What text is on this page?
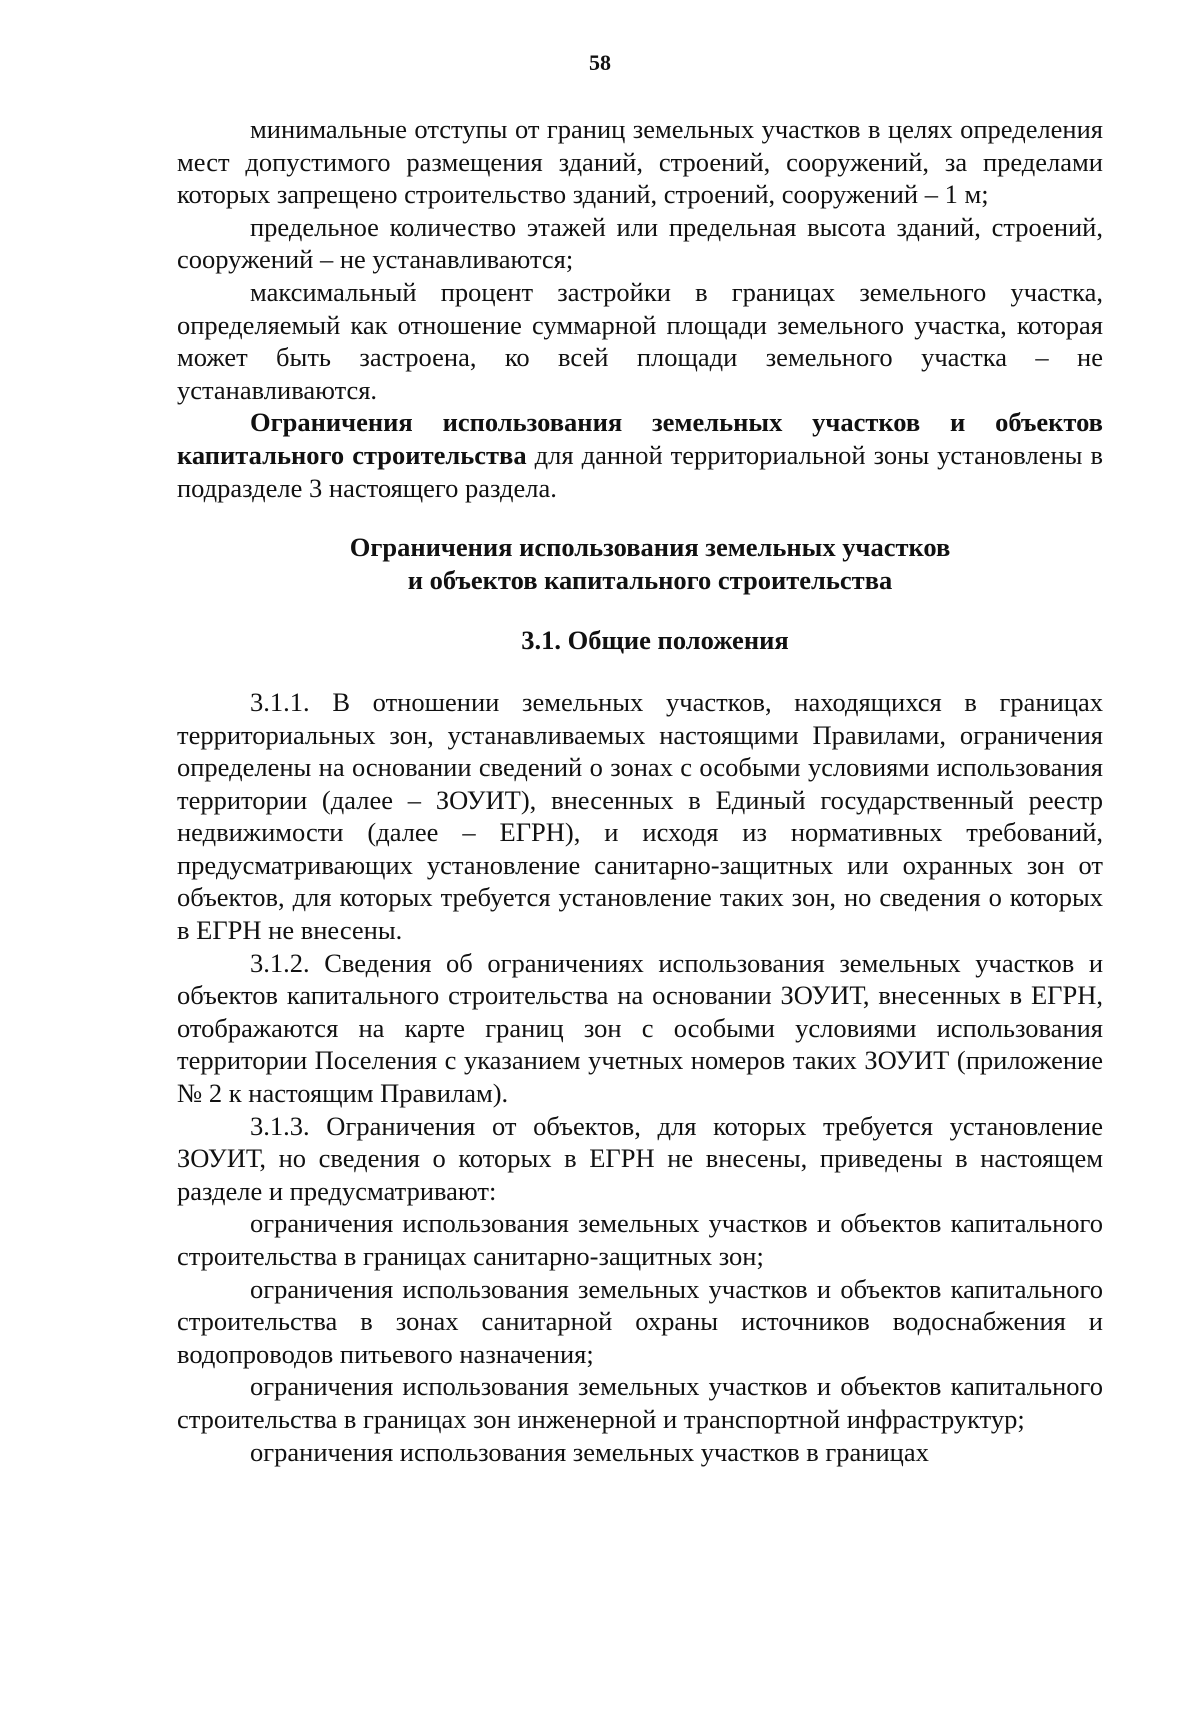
58

минимальные отступы от границ земельных участков в целях определения мест допустимого размещения зданий, строений, сооружений, за пределами которых запрещено строительство зданий, строений, сооружений – 1 м;

предельное количество этажей или предельная высота зданий, строений, сооружений – не устанавливаются;

максимальный процент застройки в границах земельного участка, определяемый как отношение суммарной площади земельного участка, которая может быть застроена, ко всей площади земельного участка – не устанавливаются.

Ограничения использования земельных участков и объектов капитального строительства для данной территориальной зоны установлены в подразделе 3 настоящего раздела.

Ограничения использования земельных участков
и объектов капитального строительства
3.1. Общие положения

3.1.1. В отношении земельных участков, находящихся в границах территориальных зон, устанавливаемых настоящими Правилами, ограничения определены на основании сведений о зонах с особыми условиями использования территории (далее – ЗОУИТ), внесенных в Единый государственный реестр недвижимости (далее – ЕГРН), и исходя из нормативных требований, предусматривающих установление санитарно-защитных или охранных зон от объектов, для которых требуется установление таких зон, но сведения о которых в ЕГРН не внесены.

3.1.2. Сведения об ограничениях использования земельных участков и объектов капитального строительства на основании ЗОУИТ, внесенных в ЕГРН, отображаются на карте границ зон с особыми условиями использования территории Поселения с указанием учетных номеров таких ЗОУИТ (приложение № 2 к настоящим Правилам).

3.1.3. Ограничения от объектов, для которых требуется установление ЗОУИТ, но сведения о которых в ЕГРН не внесены, приведены в настоящем разделе и предусматривают:

ограничения использования земельных участков и объектов капитального строительства в границах санитарно-защитных зон;

ограничения использования земельных участков и объектов капитального строительства в зонах санитарной охраны источников водоснабжения и водопроводов питьевого назначения;

ограничения использования земельных участков и объектов капитального строительства в границах зон инженерной и транспортной инфраструктур;

ограничения использования земельных участков в границах
